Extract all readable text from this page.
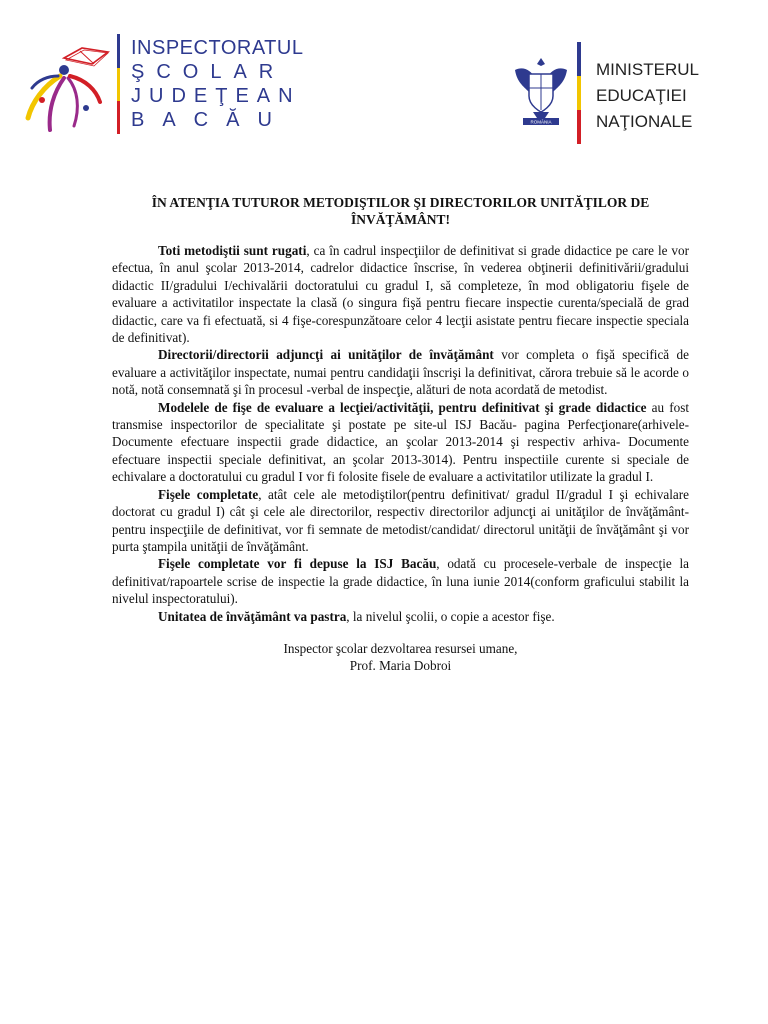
INSPECTORATUL
ŞCOLAR
JUDEŢEAN
BACĂU	ROMÂNIA
MINISTERUL
EDUCAŢIEI
NAŢIONALE
ÎN ATENŢIA TUTUROR METODIŞTILOR ŞI DIRECTORILOR UNITĂŢILOR DE ÎNVĂŢĂMÂNT!

Toti metodiştii sunt rugati, ca în cadrul inspecţiilor de definitivat si grade didactice pe care le vor efectua, în anul şcolar 2013-2014, cadrelor didactice înscrise, în vederea obţinerii definitivării/gradului didactic II/gradului I/echivalării doctoratului cu gradul I, să completeze, în mod obligatoriu fişele de evaluare a activitatilor inspectate la clasă (o singura fişă pentru fiecare inspectie curenta/specială de grad didactic, care va fi efectuată, si 4 fişe-corespunzătoare celor 4 lecţii asistate pentru fiecare inspectie speciala de definitivat).

Directorii/directorii adjuncţi ai unităţilor de învăţământ vor completa o fişă specifică de evaluare a activităţilor inspectate, numai pentru candidaţii înscrişi la definitivat, cărora trebuie să le acorde o notă, notă consemnată şi în procesul -verbal de inspecţie, alături de nota acordată de metodist.

Modelele de fişe de evaluare a lecţiei/activităţii, pentru definitivat şi grade didactice au fost transmise inspectorilor de specialitate şi postate pe site-ul ISJ Bacău- pagina Perfecţionare(arhivele- Documente efectuare inspectii grade didactice, an şcolar 2013-2014 şi respectiv arhiva- Documente efectuare inspectii speciale definitivat, an şcolar 2013-3014). Pentru inspectiile curente si speciale de echivalare a doctoratului cu gradul I vor fi folosite fisele de evaluare a activitatilor utilizate la gradul I.

Fişele completate, atât cele ale metodiştilor(pentru definitivat/ gradul II/gradul I şi echivalare doctorat cu gradul I) cât şi cele ale directorilor, respectiv directorilor adjuncţi ai unităţilor de învăţământ- pentru inspecţiile de definitivat, vor fi semnate de metodist/candidat/ directorul unităţii de învăţământ şi vor purta ştampila unităţii de învăţământ.

Fişele completate vor fi depuse la ISJ Bacău, odată cu procesele-verbale de inspecţie la definitivat/rapoartele scrise de inspectie la grade didactice, în luna iunie 2014(conform graficului stabilit la nivelul inspectoratului).

Unitatea de învăţământ va pastra, la nivelul şcolii, o copie a acestor fişe.

Inspector şcolar dezvoltarea resursei umane,
Prof. Maria Dobroi
